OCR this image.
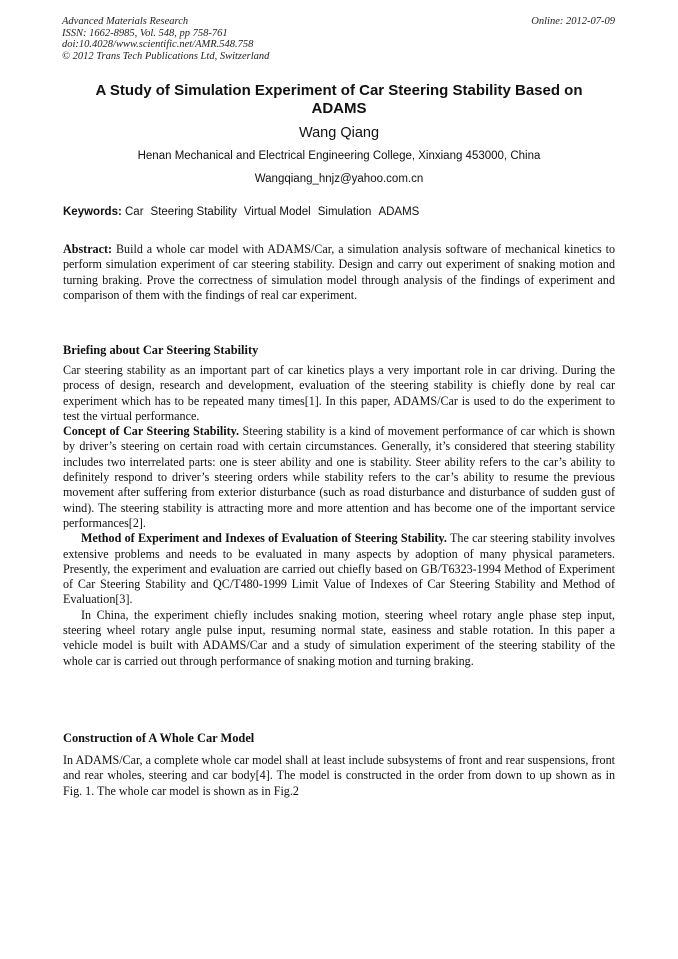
Advanced Materials Research
ISSN: 1662-8985, Vol. 548, pp 758-761
doi:10.4028/www.scientific.net/AMR.548.758
© 2012 Trans Tech Publications Ltd, Switzerland
Online: 2012-07-09
A Study of Simulation Experiment of Car Steering Stability Based on ADAMS
Wang Qiang
Henan Mechanical and Electrical Engineering College, Xinxiang 453000, China
Wangqiang_hnjz@yahoo.com.cn
Keywords: Car Steering Stability Virtual Model Simulation ADAMS

Abstract: Build a whole car model with ADAMS/Car, a simulation analysis software of mechanical kinetics to perform simulation experiment of car steering stability. Design and carry out experiment of snaking motion and turning braking. Prove the correctness of simulation model through analysis of the findings of experiment and comparison of them with the findings of real car experiment.

Briefing about Car Steering Stability

Car steering stability as an important part of car kinetics plays a very important role in car driving. During the process of design, research and development, evaluation of the steering stability is chiefly done by real car experiment which has to be repeated many times[1]. In this paper, ADAMS/Car is used to do the experiment to test the virtual performance.

Concept of Car Steering Stability. Steering stability is a kind of movement performance of car which is shown by driver’s steering on certain road with certain circumstances. Generally, it’s considered that steering stability includes two interrelated parts: one is steer ability and one is stability. Steer ability refers to the car’s ability to definitely respond to driver’s steering orders while stability refers to the car’s ability to resume the previous movement after suffering from exterior disturbance (such as road disturbance and disturbance of sudden gust of wind). The steering stability is attracting more and more attention and has become one of the important service performances[2].

Method of Experiment and Indexes of Evaluation of Steering Stability. The car steering stability involves extensive problems and needs to be evaluated in many aspects by adoption of many physical parameters. Presently, the experiment and evaluation are carried out chiefly based on GB/T6323-1994 Method of Experiment of Car Steering Stability and QC/T480-1999 Limit Value of Indexes of Car Steering Stability and Method of Evaluation[3].

In China, the experiment chiefly includes snaking motion, steering wheel rotary angle phase step input, steering wheel rotary angle pulse input, resuming normal state, easiness and stable rotation. In this paper a vehicle model is built with ADAMS/Car and a study of simulation experiment of the steering stability of the whole car is carried out through performance of snaking motion and turning braking.

Construction of A Whole Car Model

In ADAMS/Car, a complete whole car model shall at least include subsystems of front and rear suspensions, front and rear wholes, steering and car body[4]. The model is constructed in the order from down to up shown as in Fig. 1. The whole car model is shown as in Fig.2
